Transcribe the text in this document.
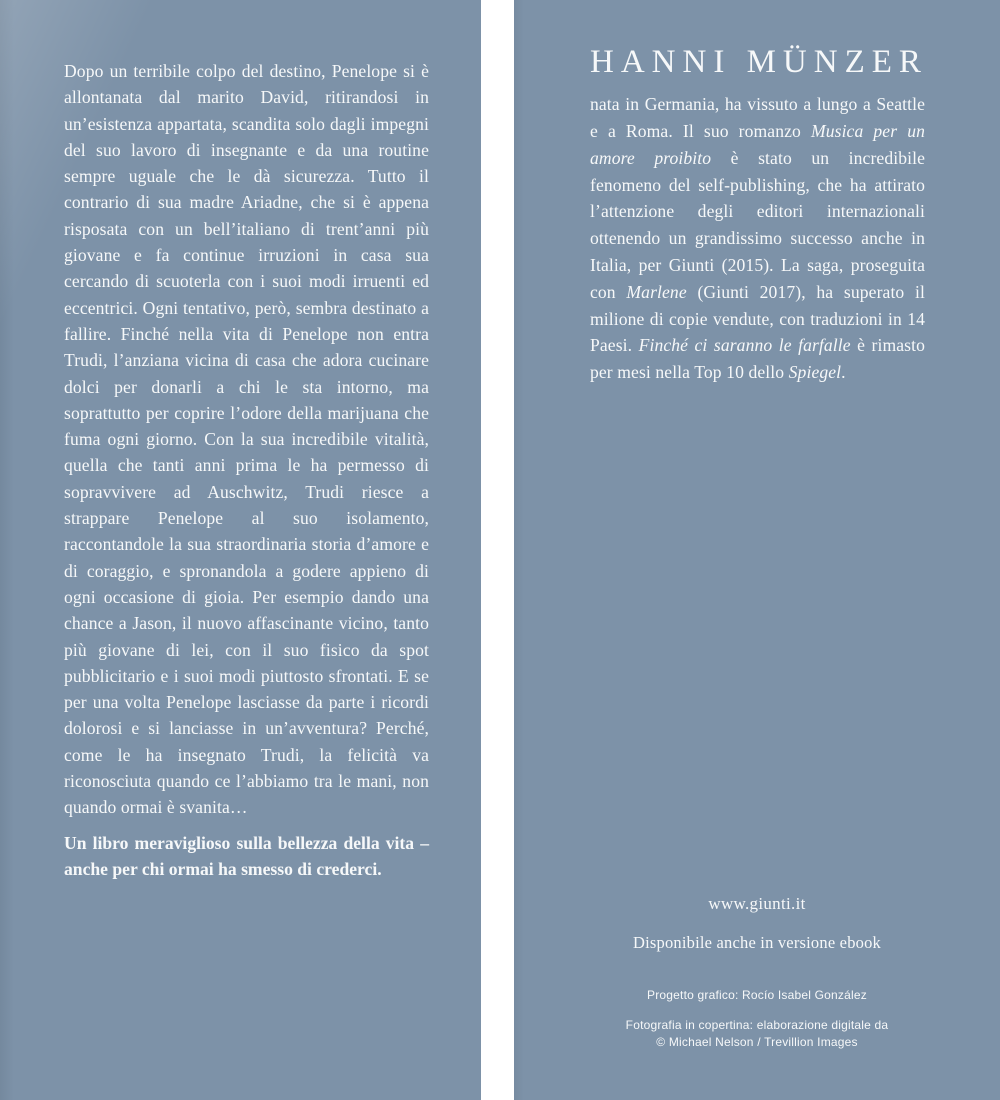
Dopo un terribile colpo del destino, Penelope si è allontanata dal marito David, ritirandosi in un’esistenza appartata, scandita solo dagli impegni del suo lavoro di insegnante e da una routine sempre uguale che le dà sicurezza. Tutto il contrario di sua madre Ariadne, che si è appena risposata con un bell’italiano di trent’anni più giovane e fa continue irruzioni in casa sua cercando di scuoterla con i suoi modi irruenti ed eccentrici. Ogni tentativo, però, sembra destinato a fallire. Finché nella vita di Penelope non entra Trudi, l’anziana vicina di casa che adora cucinare dolci per donarli a chi le sta intorno, ma soprattutto per coprire l’odore della marijuana che fuma ogni giorno. Con la sua incredibile vitalità, quella che tanti anni prima le ha permesso di sopravvivere ad Auschwitz, Trudi riesce a strappare Penelope al suo isolamento, raccontandole la sua straordinaria storia d’amore e di coraggio, e spronandola a godere appieno di ogni occasione di gioia. Per esempio dando una chance a Jason, il nuovo affascinante vicino, tanto più giovane di lei, con il suo fisico da spot pubblicitario e i suoi modi piuttosto sfrontati. E se per una volta Penelope lasciasse da parte i ricordi dolorosi e si lanciasse in un’avventura? Perché, come le ha insegnato Trudi, la felicità va riconosciuta quando ce l’abbiamo tra le mani, non quando ormai è svanita…

Un libro meraviglioso sulla bellezza della vita – anche per chi ormai ha smesso di crederci.

HANNI MÜNZER

nata in Germania, ha vissuto a lungo a Seattle e a Roma. Il suo romanzo Musica per un amore proibito è stato un incredibile fenomeno del self-publishing, che ha attirato l’attenzione degli editori internazionali ottenendo un grandissimo successo anche in Italia, per Giunti (2015). La saga, proseguita con Marlene (Giunti 2017), ha superato il milione di copie vendute, con traduzioni in 14 Paesi. Finché ci saranno le farfalle è rimasto per mesi nella Top 10 dello Spiegel.

www.giunti.it

Disponibile anche in versione ebook

Progetto grafico: Rocío Isabel González

Fotografia in copertina: elaborazione digitale da

© Michael Nelson / Trevillion Images
